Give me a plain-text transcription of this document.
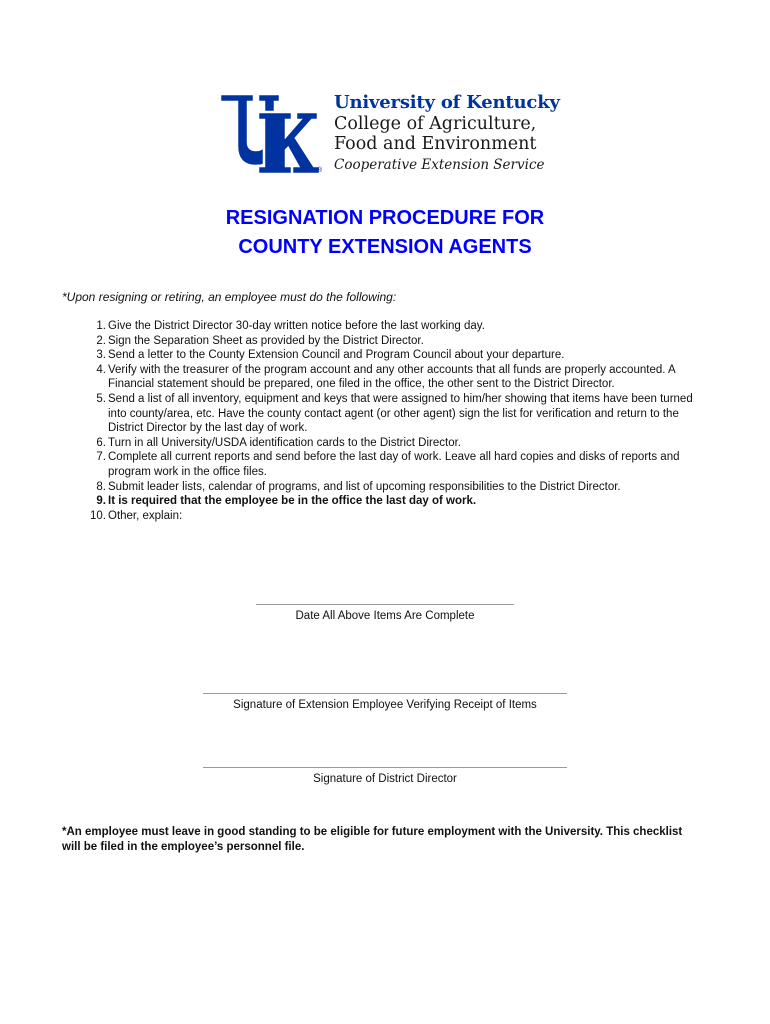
®
University of Kentucky
College of Agriculture,
Food and Environment
Cooperative Extension Service
RESIGNATION PROCEDURE FOR
COUNTY EXTENSION AGENTS

*Upon resigning or retiring, an employee must do the following:

1. Give the District Director 30-day written notice before the last working day.
2. Sign the Separation Sheet as provided by the District Director.
3. Send a letter to the County Extension Council and Program Council about your departure.
4. Verify with the treasurer of the program account and any other accounts that all funds are properly accounted. A Financial statement should be prepared, one filed in the office, the other sent to the District Director.
5. Send a list of all inventory, equipment and keys that were assigned to him/her showing that items have been turned into county/area, etc. Have the county contact agent (or other agent) sign the list for verification and return to the District Director by the last day of work.
6. Turn in all University/USDA identification cards to the District Director.
7. Complete all current reports and send before the last day of work. Leave all hard copies and disks of reports and program work in the office files.
8. Submit leader lists, calendar of programs, and list of upcoming responsibilities to the District Director.
9. It is required that the employee be in the office the last day of work.
10. Other, explain:
Date All Above Items Are Complete
Signature of Extension Employee Verifying Receipt of Items
Signature of District Director

*An employee must leave in good standing to be eligible for future employment with the University. This checklist will be filed in the employee’s personnel file.
